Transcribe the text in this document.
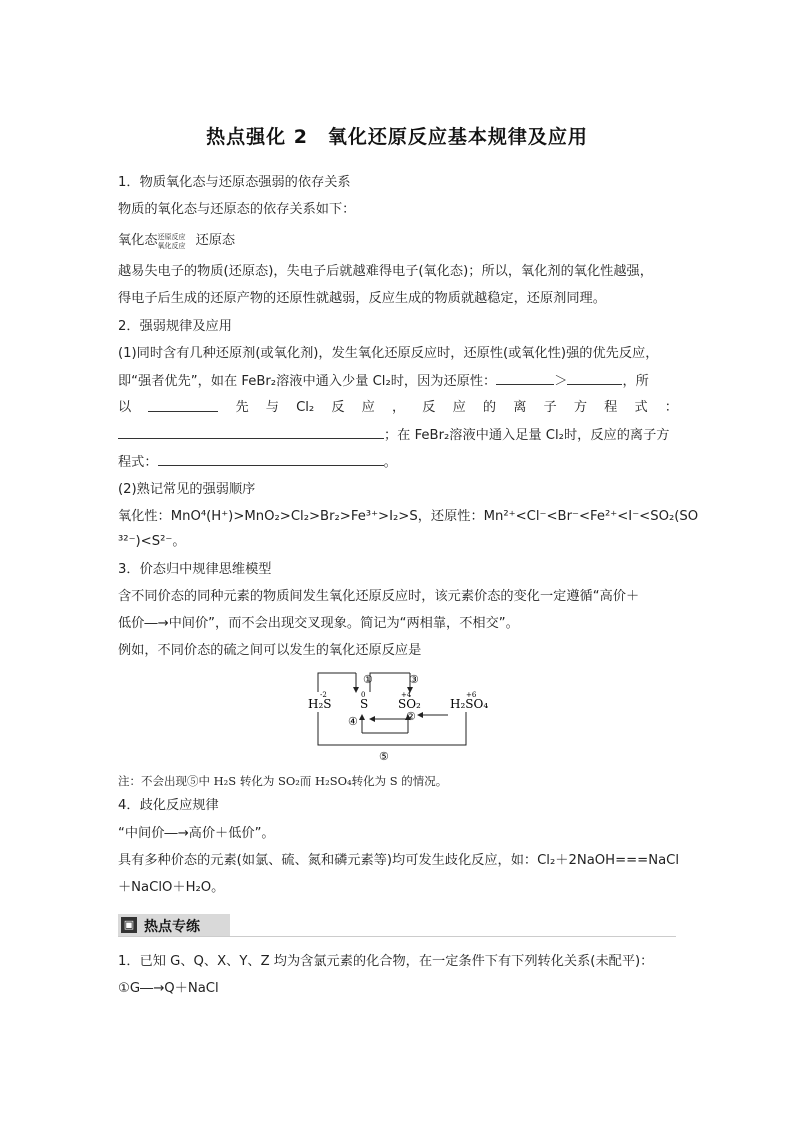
热点强化 2　氧化还原反应基本规律及应用
1．物质氧化态与还原态强弱的依存关系
物质的氧化态与还原态的依存关系如下：
氧化态 还原反应
氧化反应 还原态
越易失电子的物质(还原态)，失电子后就越难得电子(氧化态)；所以，氧化剂的氧化性越强，
得电子后生成的还原产物的还原性就越弱，反应生成的物质就越稳定，还原剂同理。
2．强弱规律及应用
(1)同时含有几种还原剂(或氧化剂)，发生氧化还原反应时，还原性(或氧化性)强的优先反应，
即“强者优先”，如在 FeBr₂溶液中通入少量 Cl₂时，因为还原性：	＞	，所
以	先 与 Cl₂ 反 应 ， 反 应 的 离 子 方 程 式 ：
；在 FeBr₂溶液中通入足量 Cl₂时，反应的离子方
程式：	。
(2)熟记常见的强弱顺序
氧化性：MnO⁴(H⁺)>MnO₂>Cl₂>Br₂>Fe³⁺>I₂>S，还原性：Mn²⁺<Cl⁻<Br⁻<Fe²⁺<I⁻<SO₂(SO
³²⁻)<S²⁻。
3．价态归中规律思维模型
含不同价态的同种元素的物质间发生氧化还原反应时，该元素价态的变化一定遵循“高价＋
低价―→中间价”，而不会出现交叉现象。简记为“两相靠，不相交”。
例如，不同价态的硫之间可以发生的氧化还原反应是
-2	0	+4	+6
H₂S S SO₂ H₂SO₄
①	③
④	②
⑤
注：不会出现⑤中 H₂S 转化为 SO₂而 H₂SO₄转化为 S 的情况。
4．歧化反应规律
“中间价―→高价＋低价”。
具有多种价态的元素(如氯、硫、氮和磷元素等)均可发生歧化反应，如：Cl₂＋2NaOH===NaCl
＋NaClO＋H₂O。
▣ 热点专练
1．已知 G、Q、X、Y、Z 均为含氯元素的化合物，在一定条件下有下列转化关系(未配平)：
①G―→Q＋NaCl
